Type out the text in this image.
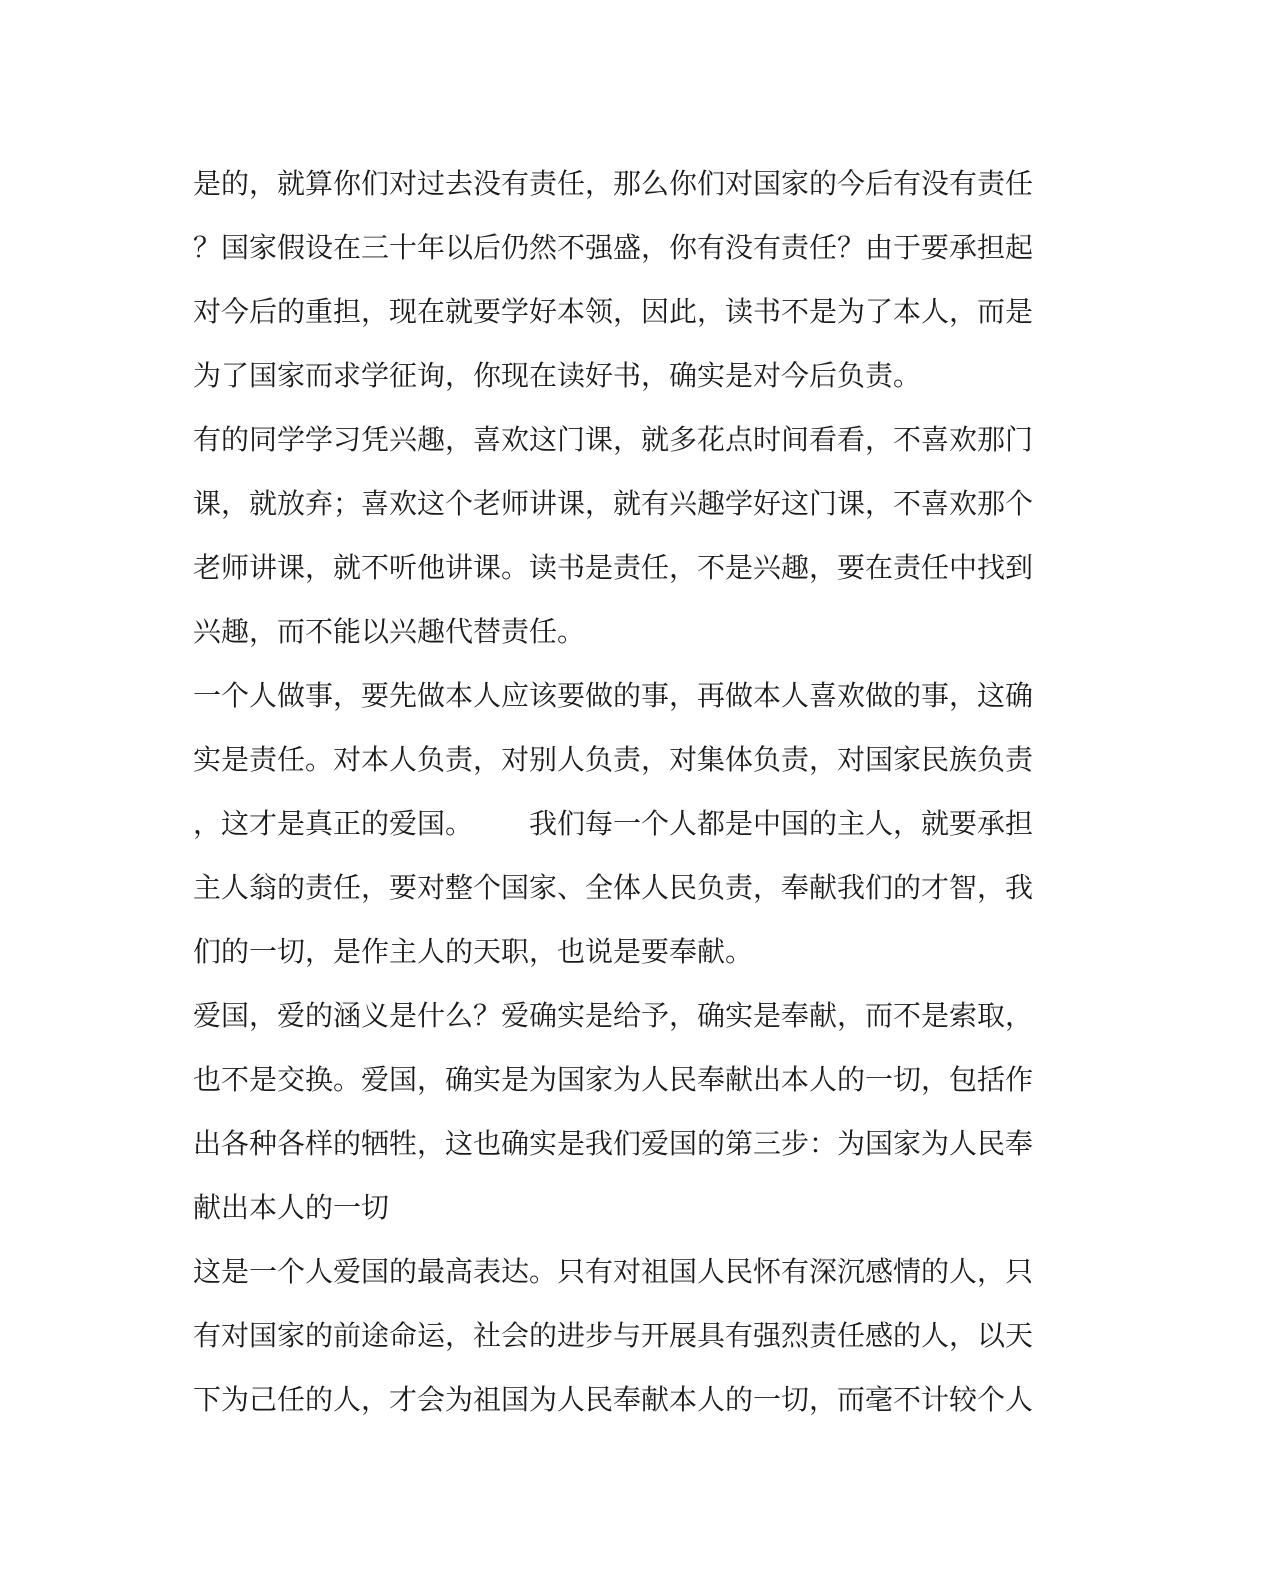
是的，就算你们对过去没有责任，那么你们对国家的今后有没有责任
？国家假设在三十年以后仍然不强盛，你有没有责任？由于要承担起
对今后的重担，现在就要学好本领，因此，读书不是为了本人，而是
为了国家而求学征询，你现在读好书，确实是对今后负责。
有的同学学习凭兴趣，喜欢这门课，就多花点时间看看，不喜欢那门
课，就放弃；喜欢这个老师讲课，就有兴趣学好这门课，不喜欢那个
老师讲课，就不听他讲课。读书是责任，不是兴趣，要在责任中找到
兴趣，而不能以兴趣代替责任。
一个人做事，要先做本人应该要做的事，再做本人喜欢做的事，这确
实是责任。对本人负责，对别人负责，对集体负责，对国家民族负责
，这才是真正的爱国。 我们每一个人都是中国的主人，就要承担
主人翁的责任，要对整个国家、全体人民负责，奉献我们的才智，我
们的一切，是作主人的天职，也说是要奉献。
爱国，爱的涵义是什么？爱确实是给予，确实是奉献，而不是索取，
也不是交换。爱国，确实是为国家为人民奉献出本人的一切，包括作
出各种各样的牺牲，这也确实是我们爱国的第三步：为国家为人民奉
献出本人的一切
这是一个人爱国的最高表达。只有对祖国人民怀有深沉感情的人，只
有对国家的前途命运，社会的进步与开展具有强烈责任感的人，以天
下为己任的人，才会为祖国为人民奉献本人的一切，而毫不计较个人
